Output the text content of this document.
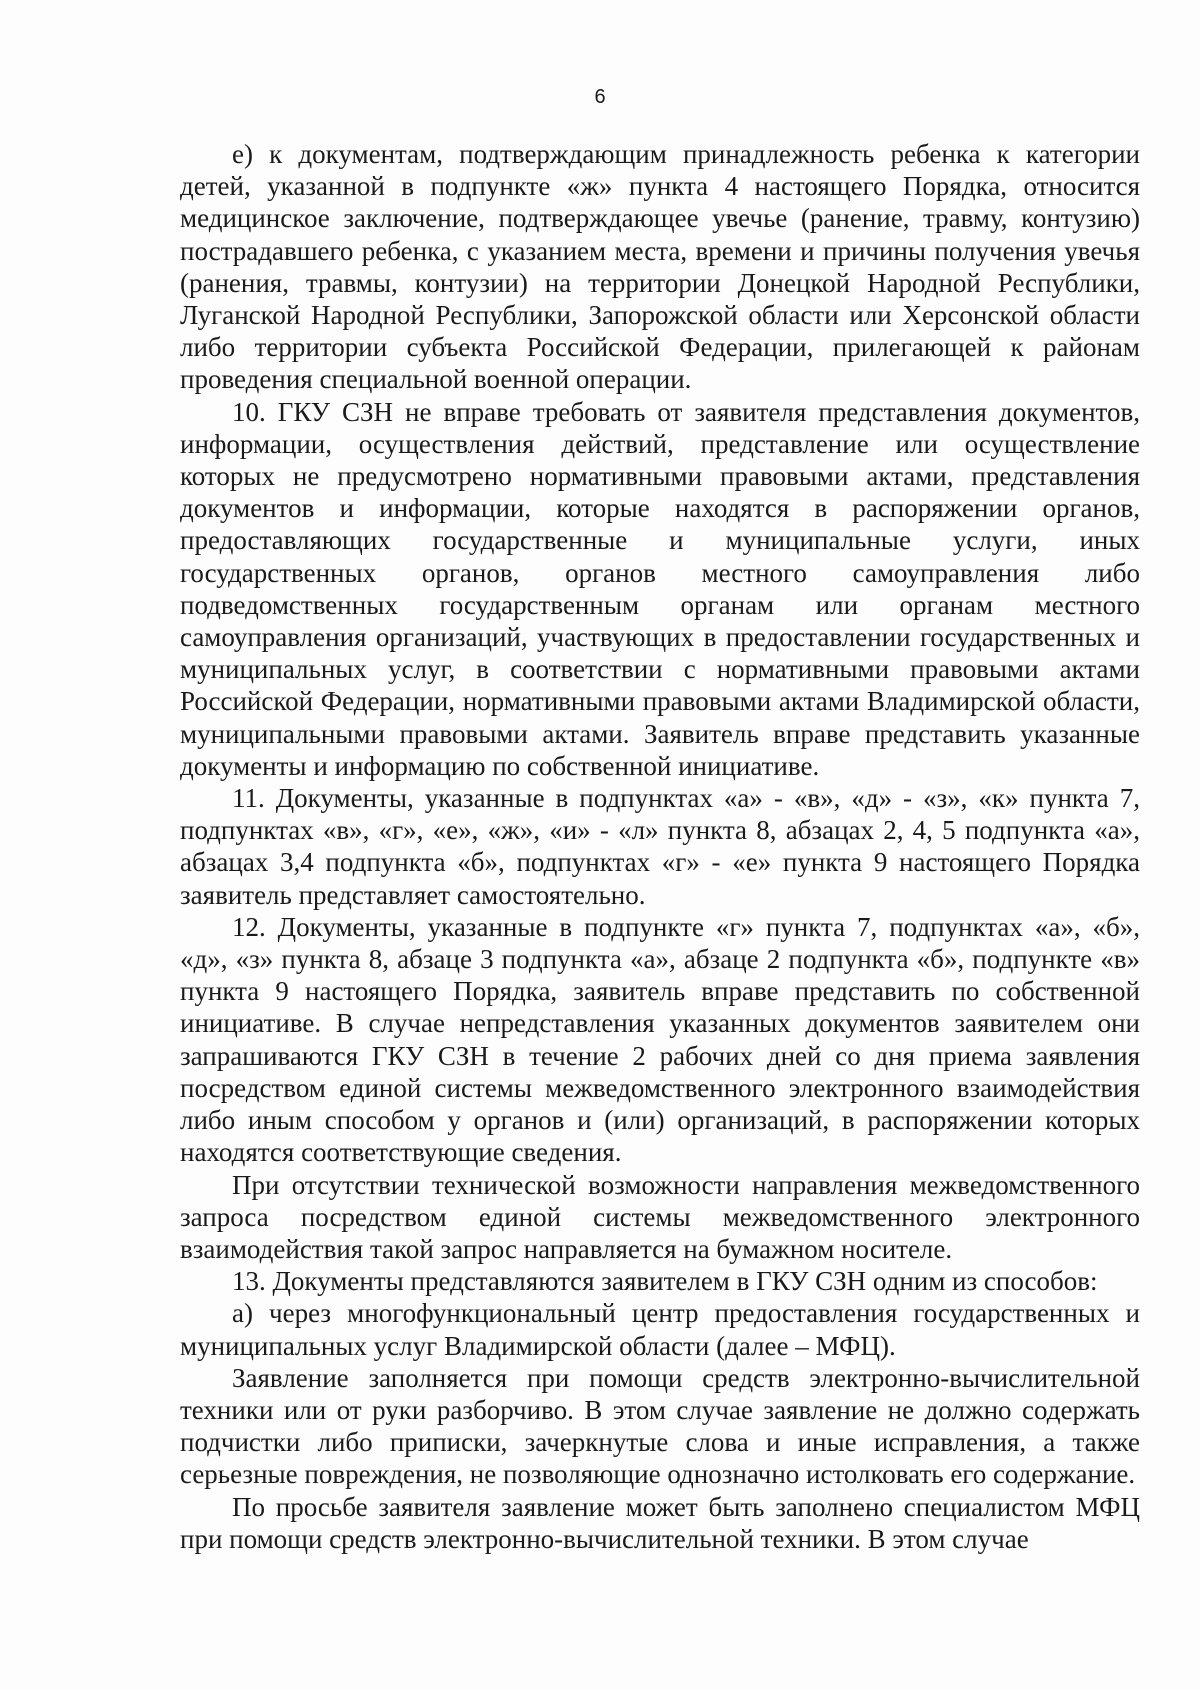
6

е) к документам, подтверждающим принадлежность ребенка к категории детей, указанной в подпункте «ж» пункта 4 настоящего Порядка, относится медицинское заключение, подтверждающее увечье (ранение, травму, контузию) пострадавшего ребенка, с указанием места, времени и причины получения увечья (ранения, травмы, контузии) на территории Донецкой Народной Республики, Луганской Народной Республики, Запорожской области или Херсонской области либо территории субъекта Российской Федерации, прилегающей к районам проведения специальной военной операции.

10. ГКУ СЗН не вправе требовать от заявителя представления документов, информации, осуществления действий, представление или осуществление которых не предусмотрено нормативными правовыми актами, представления документов и информации, которые находятся в распоряжении органов, предоставляющих государственные и муниципальные услуги, иных государственных органов, органов местного самоуправления либо подведомственных государственным органам или органам местного самоуправления организаций, участвующих в предоставлении государственных и муниципальных услуг, в соответствии с нормативными правовыми актами Российской Федерации, нормативными правовыми актами Владимирской области, муниципальными правовыми актами. Заявитель вправе представить указанные документы и информацию по собственной инициативе.

11. Документы, указанные в подпунктах «а» - «в», «д» - «з», «к» пункта 7, подпунктах «в», «г», «е», «ж», «и» - «л» пункта 8, абзацах 2, 4, 5 подпункта «а», абзацах 3,4 подпункта «б», подпунктах «г» - «е» пункта 9 настоящего Порядка заявитель представляет самостоятельно.

12. Документы, указанные в подпункте «г» пункта 7, подпунктах «а», «б», «д», «з» пункта 8, абзаце 3 подпункта «а», абзаце 2 подпункта «б», подпункте «в» пункта 9 настоящего Порядка, заявитель вправе представить по собственной инициативе. В случае непредставления указанных документов заявителем они запрашиваются ГКУ СЗН в течение 2 рабочих дней со дня приема заявления посредством единой системы межведомственного электронного взаимодействия либо иным способом у органов и (или) организаций, в распоряжении которых находятся соответствующие сведения.

При отсутствии технической возможности направления межведомственного запроса посредством единой системы межведомственного электронного взаимодействия такой запрос направляется на бумажном носителе.

13. Документы представляются заявителем в ГКУ СЗН одним из способов:

а) через многофункциональный центр предоставления государственных и муниципальных услуг Владимирской области (далее – МФЦ).

Заявление заполняется при помощи средств электронно-вычислительной техники или от руки разборчиво. В этом случае заявление не должно содержать подчистки либо приписки, зачеркнутые слова и иные исправления, а также серьезные повреждения, не позволяющие однозначно истолковать его содержание.

По просьбе заявителя заявление может быть заполнено специалистом МФЦ при помощи средств электронно-вычислительной техники. В этом случае
